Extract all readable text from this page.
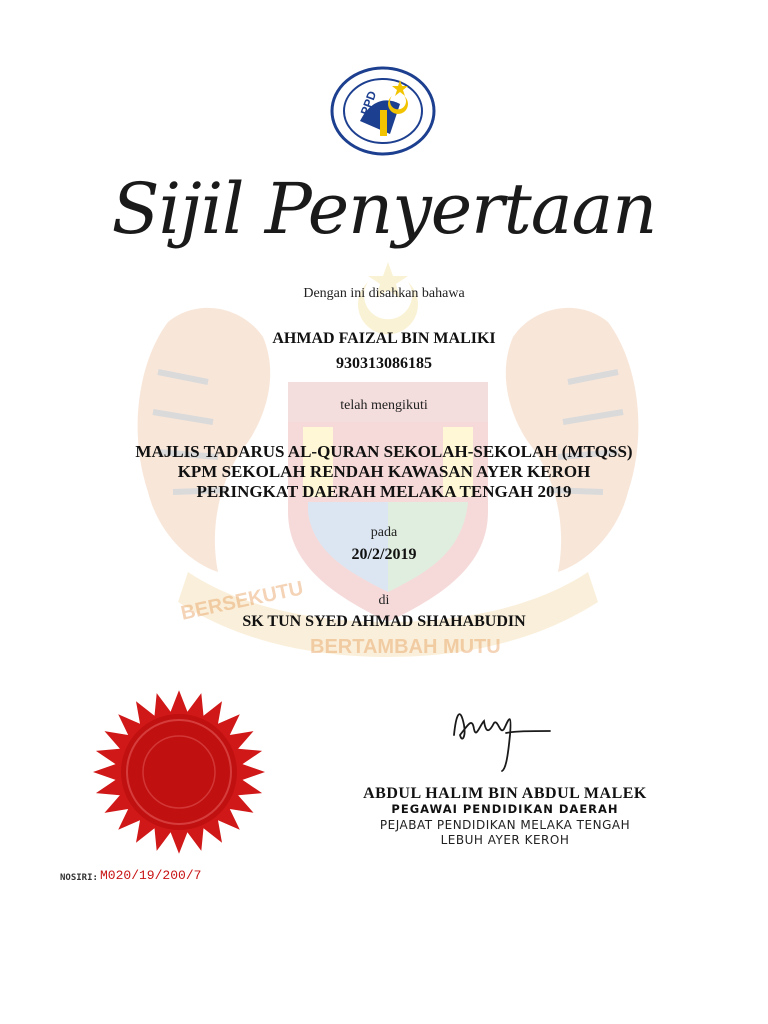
BERSEKUTU
BERTAMBAH MUTU
PPD
Sijil Penyertaan
Dengan ini disahkan bahawa
AHMAD FAIZAL BIN MALIKI
930313086185
telah mengikuti
MAJLIS TADARUS AL-QURAN SEKOLAH-SEKOLAH (MTQSS)
KPM SEKOLAH RENDAH KAWASAN AYER KEROH
PERINGKAT DAERAH MELAKA TENGAH 2019
pada
20/2/2019
di
SK TUN SYED AHMAD SHAHABUDIN
ABDUL HALIM BIN ABDUL MALEK
PEGAWAI PENDIDIKAN DAERAH
PEJABAT PENDIDIKAN MELAKA TENGAH
LEBUH AYER KEROH
NOSIRI: M020/19/200/7
